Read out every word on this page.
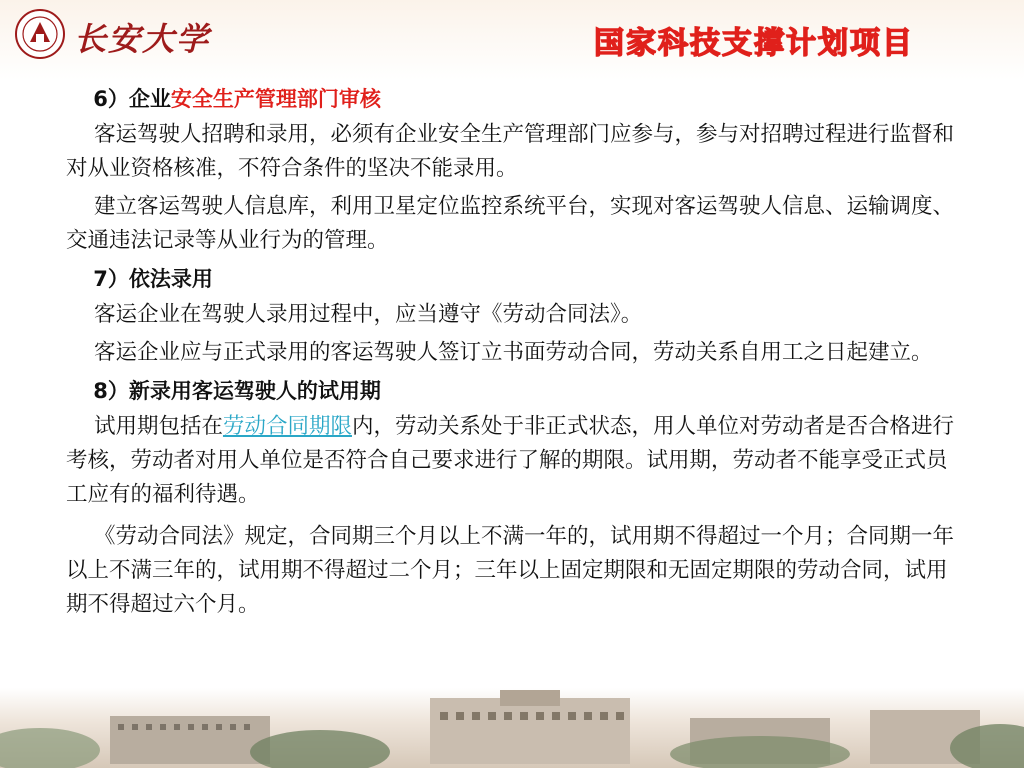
长安大学	国家科技支撑计划项目

6）企业安全生产管理部门审核

客运驾驶人招聘和录用，必须有企业安全生产管理部门应参与，参与对招聘过程进行监督和对从业资格核准，不符合条件的坚决不能录用。

建立客运驾驶人信息库，利用卫星定位监控系统平台，实现对客运驾驶人信息、运输调度、交通违法记录等从业行为的管理。

7）依法录用

客运企业在驾驶人录用过程中，应当遵守《劳动合同法》。

客运企业应与正式录用的客运驾驶人签订立书面劳动合同，劳动关系自用工之日起建立。

8）新录用客运驾驶人的试用期

试用期包括在劳动合同期限内，劳动关系处于非正式状态，用人单位对劳动者是否合格进行考核，劳动者对用人单位是否符合自己要求进行了解的期限。试用期，劳动者不能享受正式员工应有的福利待遇。

《劳动合同法》规定，合同期三个月以上不满一年的，试用期不得超过一个月；合同期一年以上不满三年的，试用期不得超过二个月；三年以上固定期限和无固定期限的劳动合同，试用期不得超过六个月。
